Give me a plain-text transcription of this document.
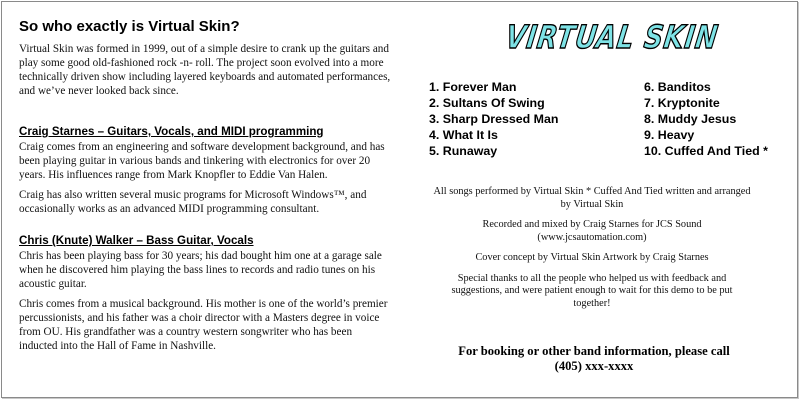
So who exactly is Virtual Skin?
Virtual Skin was formed in 1999, out of a simple desire to crank up the guitars and play some good old-fashioned rock -n- roll. The project soon evolved into a more technically driven show including layered keyboards and automated performances, and we’ve never looked back since.
Craig Starnes – Guitars, Vocals, and MIDI programming

Craig comes from an engineering and software development background, and has been playing guitar in various bands and tinkering with electronics for over 20 years. His influences range from Mark Knopfler to Eddie Van Halen.

Craig has also written several music programs for Microsoft Windows™, and occasionally works as an advanced MIDI programming consultant.

Chris (Knute) Walker – Bass Guitar, Vocals

Chris has been playing bass for 30 years; his dad bought him one at a garage sale when he discovered him playing the bass lines to records and radio tunes on his acoustic guitar.

Chris comes from a musical background. His mother is one of the world’s premier percussionists, and his father was a choir director with a Masters degree in voice from OU. His grandfather was a country western songwriter who has been inducted into the Hall of Fame in Nashville.

VIRTUAL SKIN
1. Forever Man
2. Sultans Of Swing
3. Sharp Dressed Man
4. What It Is
5. Runaway
6. Banditos
7. Kryptonite
8. Muddy Jesus
9. Heavy
10. Cuffed And Tied *

All songs performed by Virtual Skin * Cuffed And Tied written and arranged by Virtual Skin

Recorded and mixed by Craig Starnes for JCS Sound (www.jcsautomation.com)

Cover concept by Virtual Skin Artwork by Craig Starnes

Special thanks to all the people who helped us with feedback and suggestions, and were patient enough to wait for this demo to be put together!

For booking or other band information, please call
(405) xxx-xxxx
